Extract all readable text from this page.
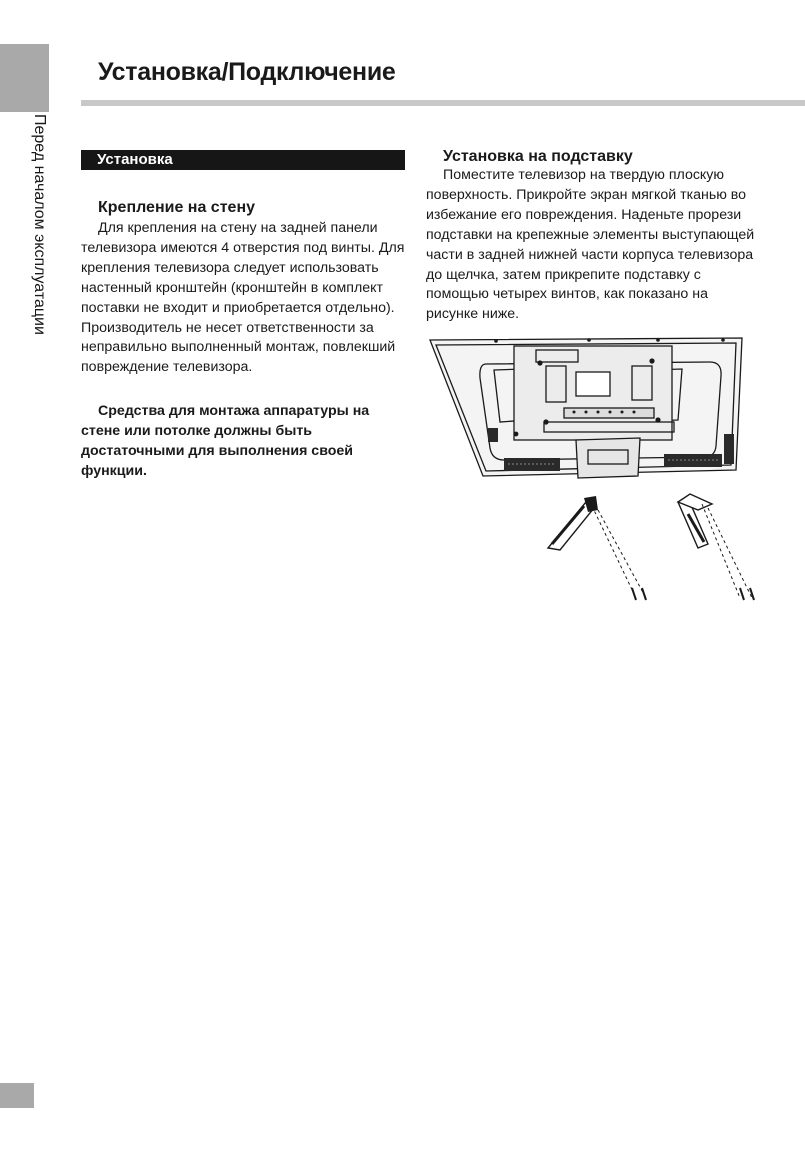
Перед началом эксплуатации
Установка/Подключение
Установка
Крепление на стену

Для крепления на стену на задней панели телевизора имеются 4 отверстия под винты. Для крепления телевизора следует использовать настенный кронштейн (кронштейн в комплект поставки не входит и приобретается отдельно). Производитель не несет ответственности за неправильно выполненный монтаж, повлекший повреждение телевизора.

Средства для монтажа аппаратуры на стене или потолке должны быть достаточными для выполнения своей функции.

Установка на подставку

Поместите телевизор на твердую плоскую поверхность. Прикройте экран мягкой тканью во избежание его повреждения. Наденьте прорези подставки на крепежные элементы выступающей части в задней нижней части корпуса телевизора до щелчка, затем прикрепите подставку с помощью четырех винтов, как показано на рисунке ниже.
